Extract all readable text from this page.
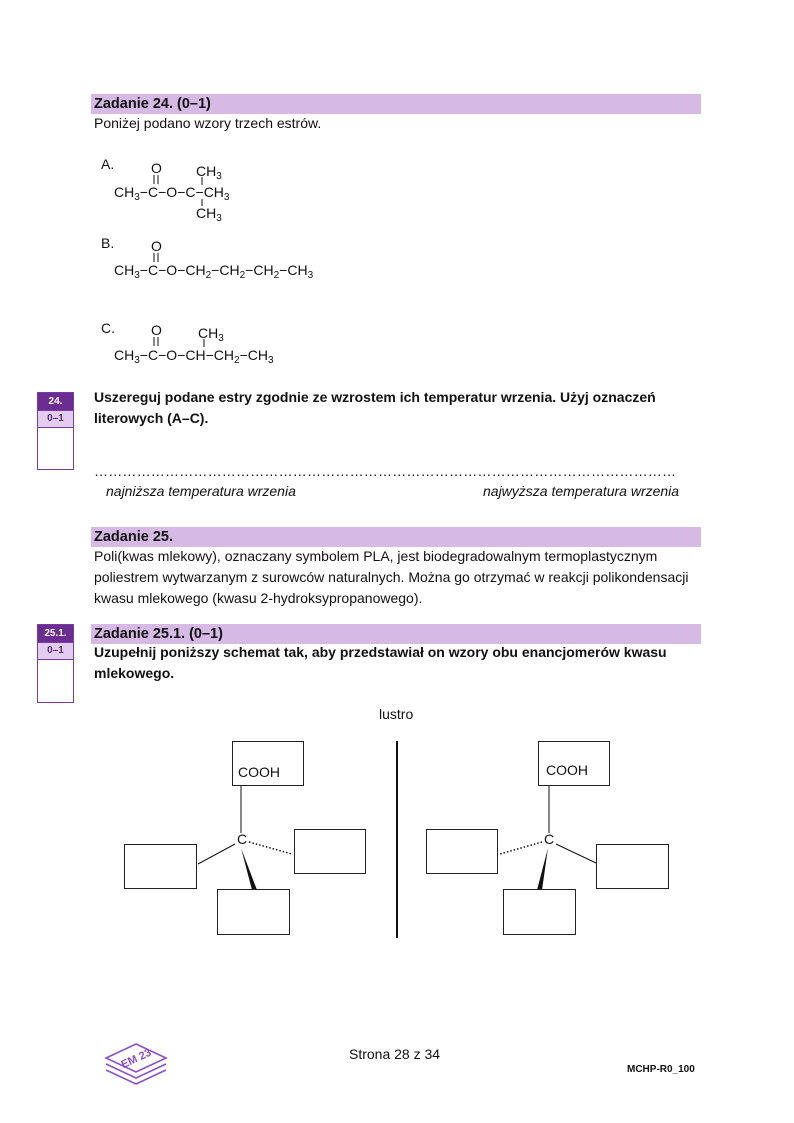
Zadanie 24. (0–1)
Poniżej podano wzory trzech estrów.
A.	O $CH_3$
$CH_3-C-O-C-CH_3$
$CH_3$
B.	O
$CH_3-C-O-CH_2-CH_2-CH_2-CH_3$
C.	O	$CH_3$
$CH_3-C-O-CH-CH_2-CH_3$
24.
0–1
Uszereguj podane estry zgodnie ze wzrostem ich temperatur wrzenia. Użyj oznaczeń literowych (A–C).
……………………………………………………………………………………………………………
najniższa temperatura wrzenia	najwyższa temperatura wrzenia
Zadanie 25.
Poli(kwas mlekowy), oznaczany symbolem PLA, jest biodegradowalnym termoplastycznym poliestrem wytwarzanym z surowców naturalnych. Można go otrzymać w reakcji polikondensacji kwasu mlekowego (kwasu 2-hydroksypropanowego).
25.1.
0–1
Zadanie 25.1. (0–1)
Uzupełnij poniższy schemat tak, aby przedstawiał on wzory obu enancjomerów kwasu mlekowego.
lustro
COOH
C
COOH
C
EM 23	Strona 28 z 34
MCHP-R0_100
